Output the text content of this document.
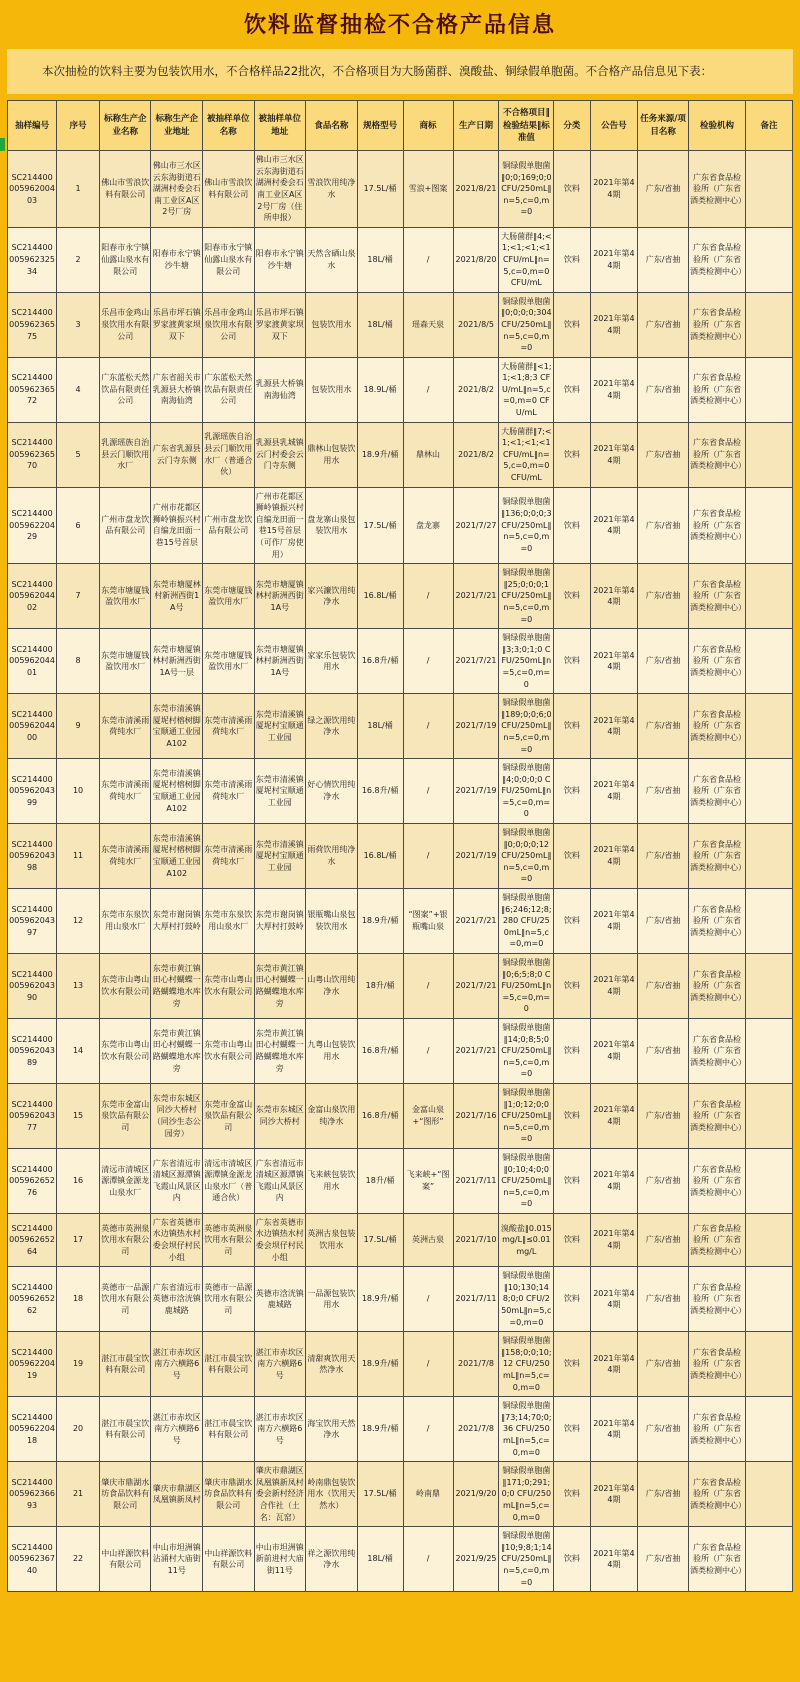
饮料监督抽检不合格产品信息

本次抽检的饮料主要为包装饮用水，不合格样品22批次，不合格项目为大肠菌群、溴酸盐、铜绿假单胞菌。不合格产品信息见下表：

抽样编号	序号	标称生产企业名称	标称生产企业地址	被抽样单位名称	被抽样单位地址	食品名称	规格型号	商标	生产日期	不合格项目‖检验结果‖标准值	分类	公告号	任务来源/项目名称	检验机构	备注
SC21440000596200403	1	佛山市雪浪饮料有限公司	佛山市三水区云东海街道石湖洲村委会石南工业区A区2号厂房	佛山市雪浪饮料有限公司	佛山市三水区云东海街道石湖洲村委会石南工业区A区2号厂房（住所申报）	雪浪饮用纯净水	17.5L/桶	雪浪+图案	2021/8/21	铜绿假单胞菌‖0;0;169;0;0 CFU/250mL‖n=5,c=0,m=0	饮料	2021年第44期	广东/省抽	广东省食品检验所（广东省酒类检测中心）	
SC21440000596232534	2	阳春市永宁镇仙露山泉水有限公司	阳春市永宁镇沙牛塘	阳春市永宁镇仙露山泉水有限公司	阳春市永宁镇沙牛塘	天然含硒山泉水	18L/桶	/	2021/8/20	大肠菌群‖4;<1;<1;<1;<1CFU/mL‖n=5,c=0,m=0 CFU/mL	饮料	2021年第44期	广东/省抽	广东省食品检验所（广东省酒类检测中心）	
SC21440000596236575	3	乐昌市金鸡山泉饮用水有限公司	乐昌市坪石镇罗家渡黄家坝双下	乐昌市金鸡山泉饮用水有限公司	乐昌市坪石镇罗家渡黄家坝双下	包装饮用水	18L/桶	瑶森天泉	2021/8/5	铜绿假单胞菌‖0;0;0;0;304 CFU/250mL‖n=5,c=0,m=0	饮料	2021年第44期	广东/省抽	广东省食品检验所（广东省酒类检测中心）	
SC21440000596236572	4	广东蓝松天然饮品有限责任公司	广东省韶关市乳源县大桥镇南海仙湾	广东蓝松天然饮品有限责任公司	乳源县大桥镇南海仙湾	包装饮用水	18.9L/桶	/	2021/8/2	大肠菌群‖<1;1;<1;8;3 CFU/mL‖n=5,c=0,m=0 CFU/mL	饮料	2021年第44期	广东/省抽	广东省食品检验所（广东省酒类检测中心）	
SC21440000596236570	5	乳源瑶族自治县云门顺饮用水厂	广东省乳源县云门寺东侧	乳源瑶族自治县云门顺饮用水厂（普通合伙）	乳源县乳城镇云门村委会云门寺东侧	鼎林山包装饮用水	18.9升/桶	鼎林山	2021/8/2	大肠菌群‖7;<1;<1;<1;<1CFU/mL‖n=5,c=0,m=0 CFU/mL	饮料	2021年第44期	广东/省抽	广东省食品检验所（广东省酒类检测中心）	
SC21440000596220429	6	广州市盘龙饮品有限公司	广州市花都区狮岭镇振兴村自编龙田面一巷15号首层	广州市盘龙饮品有限公司	广州市花都区狮岭镇振兴村自编龙田面一巷15号首层（可作厂房使用）	盘龙寨山泉包装饮用水	17.5L/桶	盘龙寨	2021/7/27	铜绿假单胞菌‖136;0;0;0;3 CFU/250mL‖n=5,c=0,m=0	饮料	2021年第44期	广东/省抽	广东省食品检验所（广东省酒类检测中心）	
SC21440000596204402	7	东莞市塘厦钱盈饮用水厂	东莞市塘厦林村新洲西街1A号	东莞市塘厦钱盈饮用水厂	东莞市塘厦镇林村新洲西街1A号	家兴濂饮用纯净水	16.8L/桶	/	2021/7/21	铜绿假单胞菌‖25;0;0;0;1 CFU/250mL‖n=5,c=0,m=0	饮料	2021年第44期	广东/省抽	广东省食品检验所（广东省酒类检测中心）	
SC21440000596204401	8	东莞市塘厦钱盈饮用水厂	东莞市塘厦镇林村新洲西街1A号一层	东莞市塘厦钱盈饮用水厂	东莞市塘厦镇林村新洲西街1A号	家家乐包装饮用水	16.8升/桶	/	2021/7/21	铜绿假单胞菌‖3;3;0;1;0 CFU/250mL‖n=5,c=0,m=0	饮料	2021年第44期	广东/省抽	广东省食品检验所（广东省酒类检测中心）	
SC21440000596204400	9	东莞市清溪雨荷纯水厂	东莞市清溪镇厦坭村榕树脚宝顺通工业园A102	东莞市清溪雨荷纯水厂	东莞市清溪镇厦坭村宝顺通工业园	绿之源饮用纯净水	18L/桶	/	2021/7/19	铜绿假单胞菌‖189;0;0;6;0 CFU/250mL‖n=5,c=0,m=0	饮料	2021年第44期	广东/省抽	广东省食品检验所（广东省酒类检测中心）	
SC21440000596204399	10	东莞市清溪雨荷纯水厂	东莞市清溪镇厦坭村榕树脚宝顺通工业园A102	东莞市清溪雨荷纯水厂	东莞市清溪镇厦坭村宝顺通工业园	好心情饮用纯净水	16.8升/桶	/	2021/7/19	铜绿假单胞菌‖4;0;0;0;0 CFU/250mL‖n=5,c=0,m=0	饮料	2021年第44期	广东/省抽	广东省食品检验所（广东省酒类检测中心）	
SC21440000596204398	11	东莞市清溪雨荷纯水厂	东莞市清溪镇厦坭村榕树脚宝顺通工业园A102	东莞市清溪雨荷纯水厂	东莞市清溪镇厦坭村宝顺通工业园	雨荷饮用纯净水	16.8L/桶	/	2021/7/19	铜绿假单胞菌‖0;0;0;0;12 CFU/250mL‖n=5,c=0,m=0	饮料	2021年第44期	广东/省抽	广东省食品检验所（广东省酒类检测中心）	
SC21440000596204397	12	东莞市东泉饮用山泉水厂	东莞市谢岗镇大厚村打鼓岭	东莞市东泉饮用山泉水厂	东莞市谢岗镇大厚村打鼓岭	银瓶嘴山泉包装饮用水	18.9升/桶	“图案”+银瓶嘴山泉	2021/7/21	铜绿假单胞菌‖6;246;12;8;280 CFU/250mL‖n=5,c=0,m=0	饮料	2021年第44期	广东/省抽	广东省食品检验所（广东省酒类检测中心）	
SC21440000596204390	13	东莞市山粤山饮水有限公司	东莞市黄江镇田心村蝴蝶一路蝴蝶地水库旁	东莞市山粤山饮水有限公司	东莞市黄江镇田心村蝴蝶一路蝴蝶地水库旁	山粤山饮用纯净水	18升/桶	/	2021/7/21	铜绿假单胞菌‖0;6;5;8;0 CFU/250mL‖n=5,c=0,m=0	饮料	2021年第44期	广东/省抽	广东省食品检验所（广东省酒类检测中心）	
SC21440000596204389	14	东莞市山粤山饮水有限公司	东莞市黄江镇田心村蝴蝶一路蝴蝶地水库旁	东莞市山粤山饮水有限公司	东莞市黄江镇田心村蝴蝶一路蝴蝶地水库旁	九粤山包装饮用水	16.8升/桶	/	2021/7/21	铜绿假单胞菌‖14;0;8;5;0 CFU/250mL‖n=5,c=0,m=0	饮料	2021年第44期	广东/省抽	广东省食品检验所（广东省酒类检测中心）	
SC21440000596204377	15	东莞市金富山泉饮品有限公司	东莞市东城区同沙大桥村（同沙生态公园旁）	东莞市金富山泉饮品有限公司	东莞市东城区同沙大桥村	金富山泉饮用纯净水	16.8升/桶	金富山泉+“图形”	2021/7/16	铜绿假单胞菌‖1;0;12;0;0 CFU/250mL‖n=5,c=0,m=0	饮料	2021年第44期	广东/省抽	广东省食品检验所（广东省酒类检测中心）	
SC21440000596265276	16	清远市清城区源潭镇金源龙山泉水厂	广东省清远市清城区源潭镇飞霞山风景区内	清远市清城区源潭镇金源龙山泉水厂（普通合伙）	广东省清远市清城区源潭镇飞霞山风景区内	飞来峡包装饮用水	18升/桶	飞来峡+“图案”	2021/7/11	铜绿假单胞菌‖0;10;4;0;0 CFU/250mL‖n=5,c=0,m=0	饮料	2021年第44期	广东/省抽	广东省食品检验所（广东省酒类检测中心）	
SC21440000596265264	17	英德市英洲泉饮用水有限公司	广东省英德市水边镇热水村委会坝仔村民小组	英德市英洲泉饮用水有限公司	广东省英德市水边镇热水村委会坝仔村民小组	英洲古泉包装饮用水	17.5L/桶	英洲古泉	2021/7/10	溴酸盐‖0.015mg/L‖≤0.01mg/L	饮料	2021年第44期	广东/省抽	广东省食品检验所（广东省酒类检测中心）	
SC21440000596265262	18	英德市一品源饮用水有限公司	广东省清远市英德市浛洸镇鹿城路	英德市一品源饮用水有限公司	英德市浛洸镇鹿城路	一品源包装饮用水	18.9升/桶	/	2021/7/11	铜绿假单胞菌‖10;130;148;0;0 CFU/250mL‖n=5,c=0,m=0	饮料	2021年第44期	广东/省抽	广东省食品检验所（广东省酒类检测中心）	
SC21440000596220419	19	湛江市晨宝饮料有限公司	湛江市赤坎区南方六横路6号	湛江市晨宝饮料有限公司	湛江市赤坎区南方六横路6号	清甜爽饮用天然净水	18.9升/桶	/	2021/7/8	铜绿假单胞菌‖158;0;0;10;12 CFU/250mL‖n=5,c=0,m=0	饮料	2021年第44期	广东/省抽	广东省食品检验所（广东省酒类检测中心）	
SC21440000596220418	20	湛江市晨宝饮料有限公司	湛江市赤坎区南方六横路6号	湛江市晨宝饮料有限公司	湛江市赤坎区南方六横路6号	海宝饮用天然净水	18.9升/桶	/	2021/7/8	铜绿假单胞菌‖73;14;70;0;36 CFU/250mL‖n=5,c=0,m=0	饮料	2021年第44期	广东/省抽	广东省食品检验所（广东省酒类检测中心）	
SC21440000596236693	21	肇庆市鼎湖水坊食品饮料有限公司	肇庆市鼎湖区凤凰镇新凤村	肇庆市鼎湖水坊食品饮料有限公司	肇庆市鼎湖区凤凰镇新凤村委会新村经济合作社（土名：瓦窑）	岭南鼎包装饮用水（饮用天然水）	17.5L/桶	岭南鼎	2021/9/20	铜绿假单胞菌‖171;0;291;0;0 CFU/250mL‖n=5,c=0,m=0	饮料	2021年第44期	广东/省抽	广东省食品检验所（广东省酒类检测中心）	
SC21440000596236740	22	中山祥源饮料有限公司	中山市坦洲镇沾涌村大庙街11号	中山祥源饮料有限公司	中山市坦洲镇新前进村大庙街11号	祥之源饮用纯净水	18L/桶	/	2021/9/25	铜绿假单胞菌‖10;9;8;1;14 CFU/250mL‖n=5,c=0,m=0	饮料	2021年第44期	广东/省抽	广东省食品检验所（广东省酒类检测中心）	
